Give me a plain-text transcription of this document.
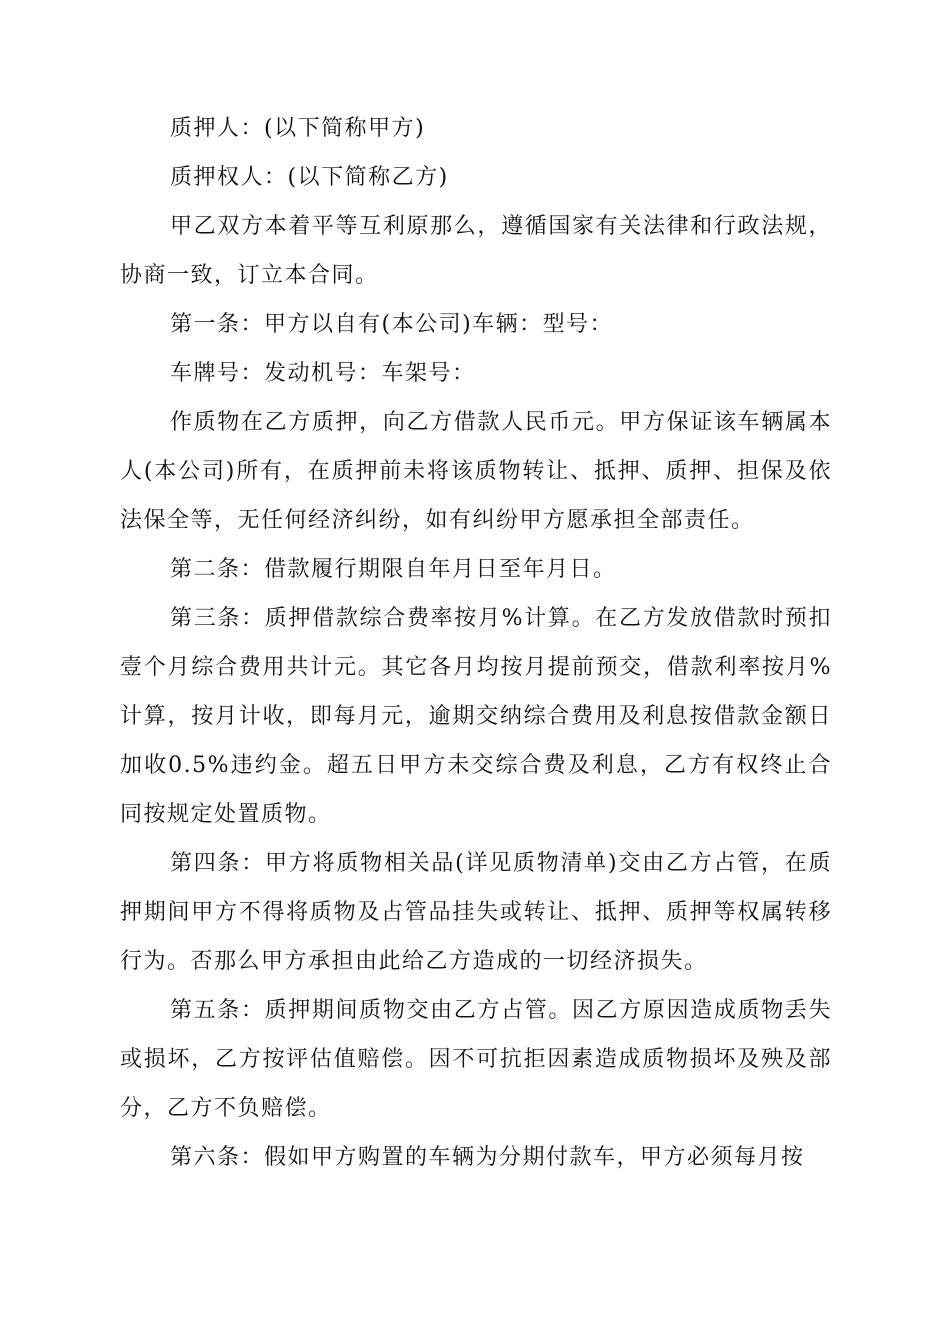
质押人：(以下简称甲方)

质押权人：(以下简称乙方)

甲乙双方本着平等互利原那么，遵循国家有关法律和行政法规，协商一致，订立本合同。

第一条：甲方以自有(本公司)车辆：型号：

车牌号：发动机号：车架号：

作质物在乙方质押，向乙方借款人民币元。甲方保证该车辆属本人(本公司)所有，在质押前未将该质物转让、抵押、质押、担保及依法保全等，无任何经济纠纷，如有纠纷甲方愿承担全部责任。

第二条：借款履行期限自年月日至年月日。

第三条：质押借款综合费率按月%计算。在乙方发放借款时预扣壹个月综合费用共计元。其它各月均按月提前预交，借款利率按月%计算，按月计收，即每月元，逾期交纳综合费用及利息按借款金额日加收0.5%违约金。超五日甲方未交综合费及利息，乙方有权终止合同按规定处置质物。

第四条：甲方将质物相关品(详见质物清单)交由乙方占管，在质押期间甲方不得将质物及占管品挂失或转让、抵押、质押等权属转移行为。否那么甲方承担由此给乙方造成的一切经济损失。

第五条：质押期间质物交由乙方占管。因乙方原因造成质物丢失或损坏，乙方按评估值赔偿。因不可抗拒因素造成质物损坏及殃及部分，乙方不负赔偿。

第六条：假如甲方购置的车辆为分期付款车，甲方必须每月按
